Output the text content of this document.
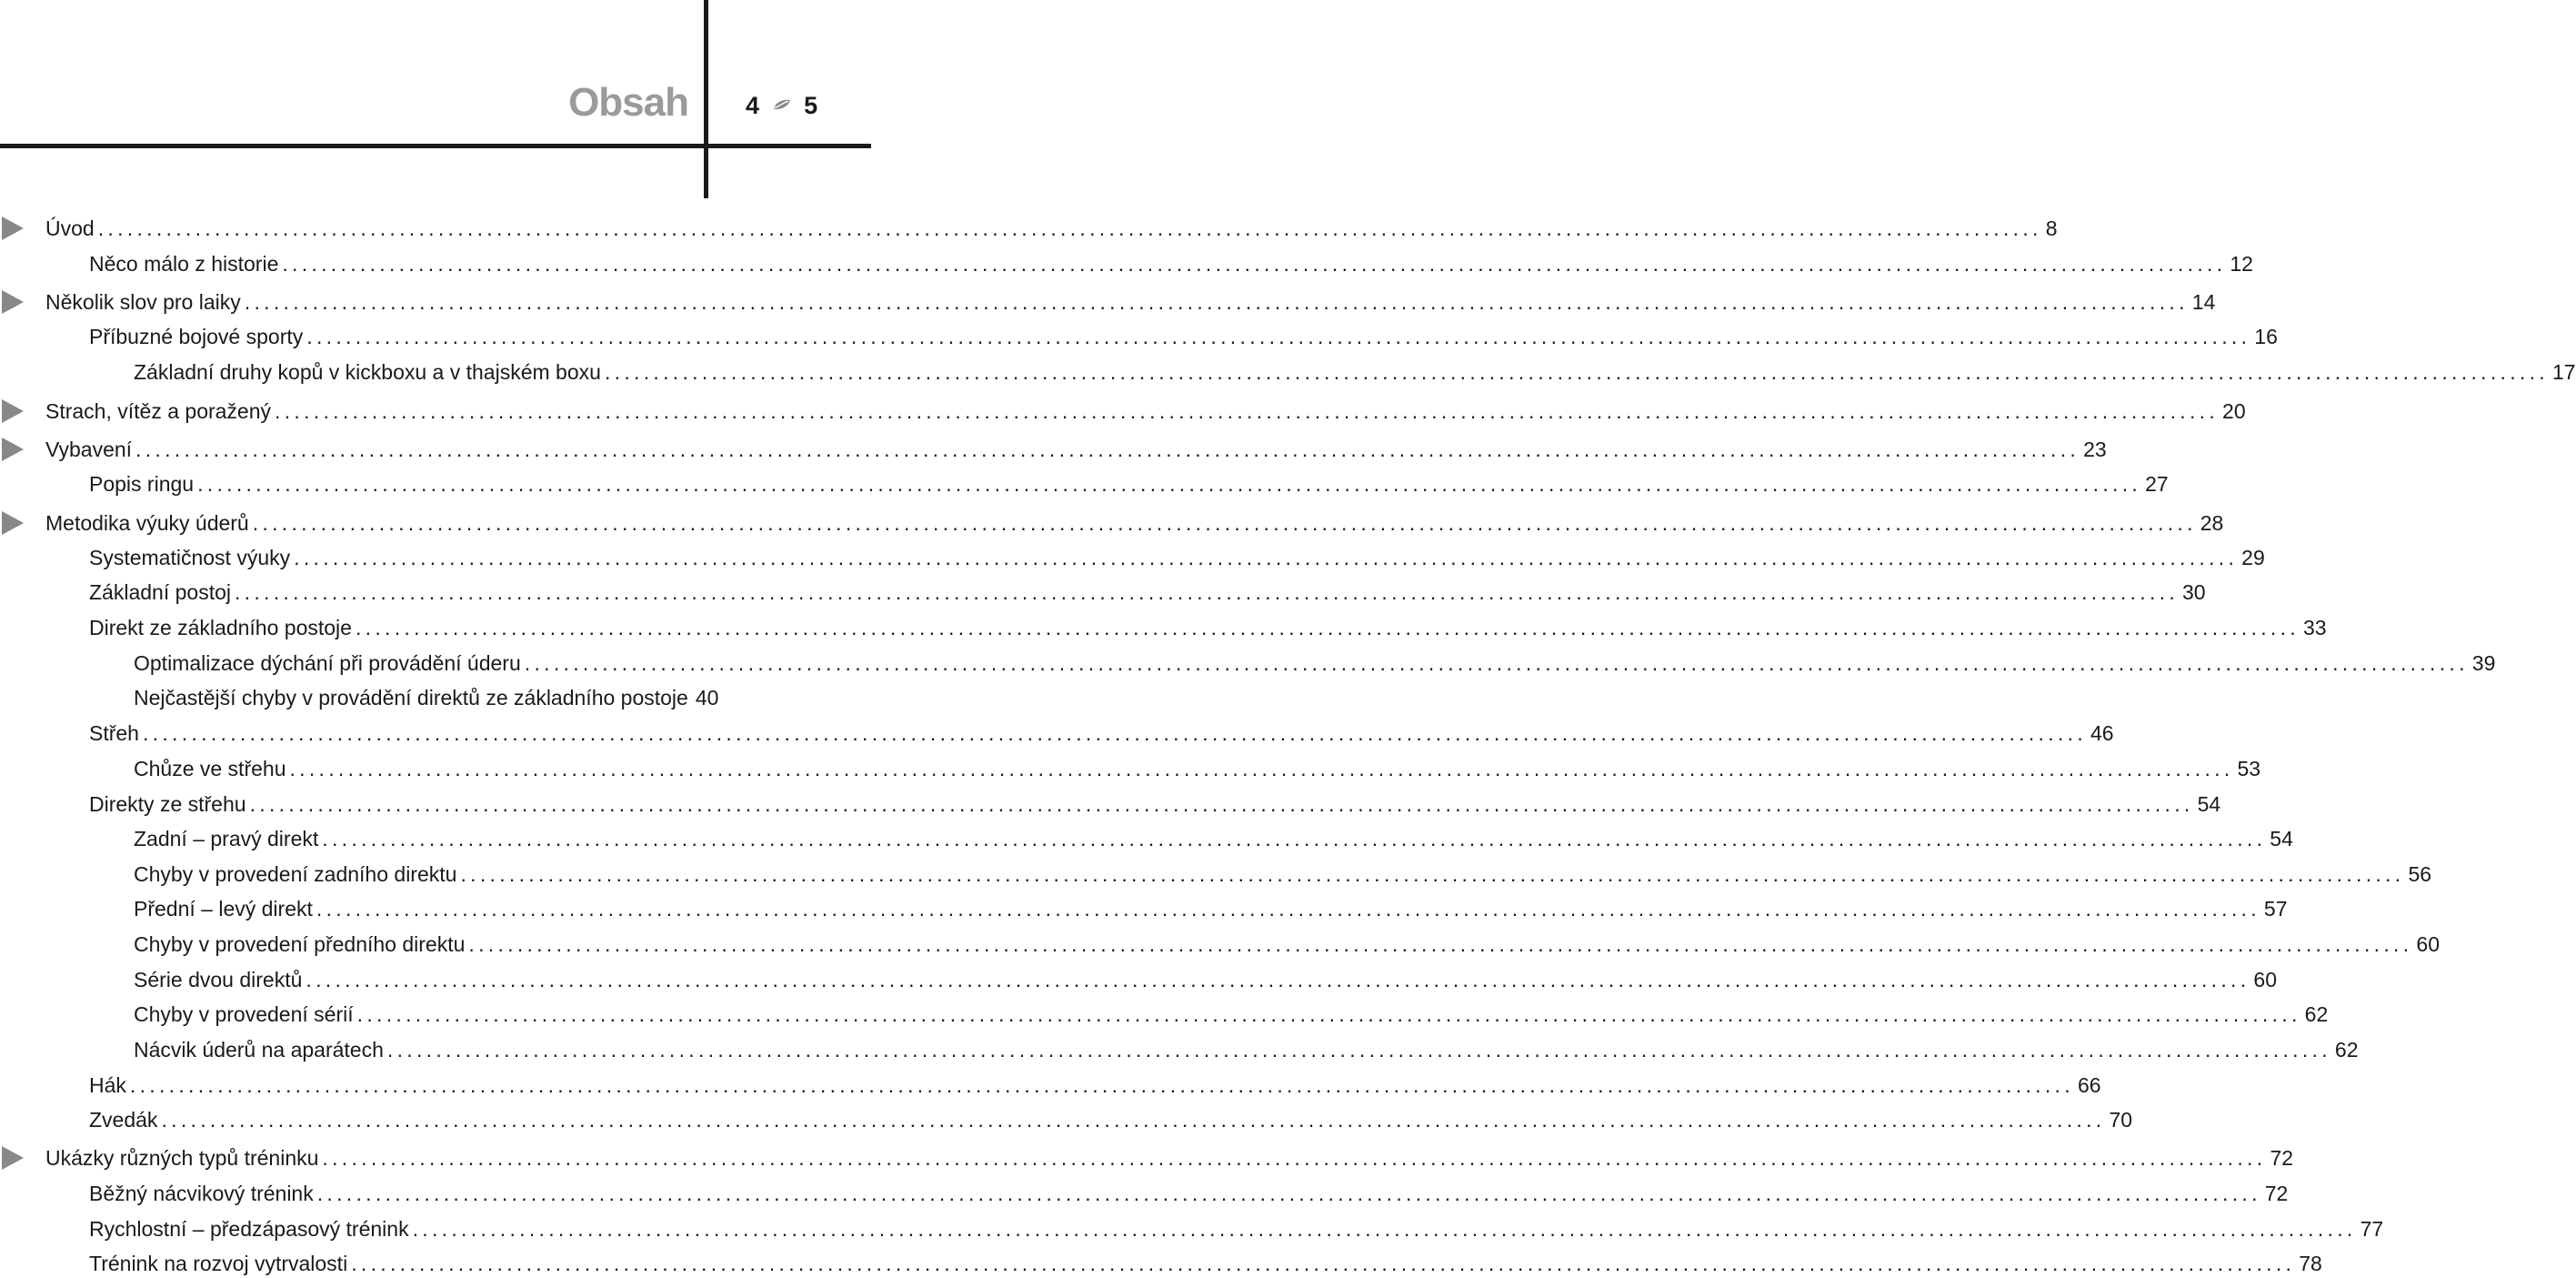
Obsah 4 5
Úvod ........................................................................................................................................................................................................ 8
Něco málo z historie ........................................................................................................................................................................................................ 12
Několik slov pro laiky ........................................................................................................................................................................................................ 14
Příbuzné bojové sporty ........................................................................................................................................................................................................ 16
Základní druhy kopů v kickboxu a v thajském boxu ........................................................................................................................................................................................................ 17
Strach, vítěz a poražený ........................................................................................................................................................................................................ 20
Vybavení ........................................................................................................................................................................................................ 23
Popis ringu ........................................................................................................................................................................................................ 27
Metodika výuky úderů ........................................................................................................................................................................................................ 28
Systematičnost výuky ........................................................................................................................................................................................................ 29
Základní postoj ........................................................................................................................................................................................................ 30
Direkt ze základního postoje ........................................................................................................................................................................................................ 33
Optimalizace dýchání při provádění úderu ........................................................................................................................................................................................................ 39
Nejčastější chyby v provádění direktů ze základního postoje 40
Střeh ........................................................................................................................................................................................................ 46
Chůze ve střehu ........................................................................................................................................................................................................ 53
Direkty ze střehu ........................................................................................................................................................................................................ 54
Zadní – pravý direkt ........................................................................................................................................................................................................ 54
Chyby v provedení zadního direktu ........................................................................................................................................................................................................ 56
Přední – levý direkt ........................................................................................................................................................................................................ 57
Chyby v provedení předního direktu ........................................................................................................................................................................................................ 60
Série dvou direktů ........................................................................................................................................................................................................ 60
Chyby v provedení sérií ........................................................................................................................................................................................................ 62
Nácvik úderů na aparátech ........................................................................................................................................................................................................ 62
Hák ........................................................................................................................................................................................................ 66
Zvedák ........................................................................................................................................................................................................ 70
Ukázky různých typů tréninku ........................................................................................................................................................................................................ 72
Běžný nácvikový trénink ........................................................................................................................................................................................................ 72
Rychlostní – předzápasový trénink ........................................................................................................................................................................................................ 77
Trénink na rozvoj vytrvalosti ........................................................................................................................................................................................................ 78
